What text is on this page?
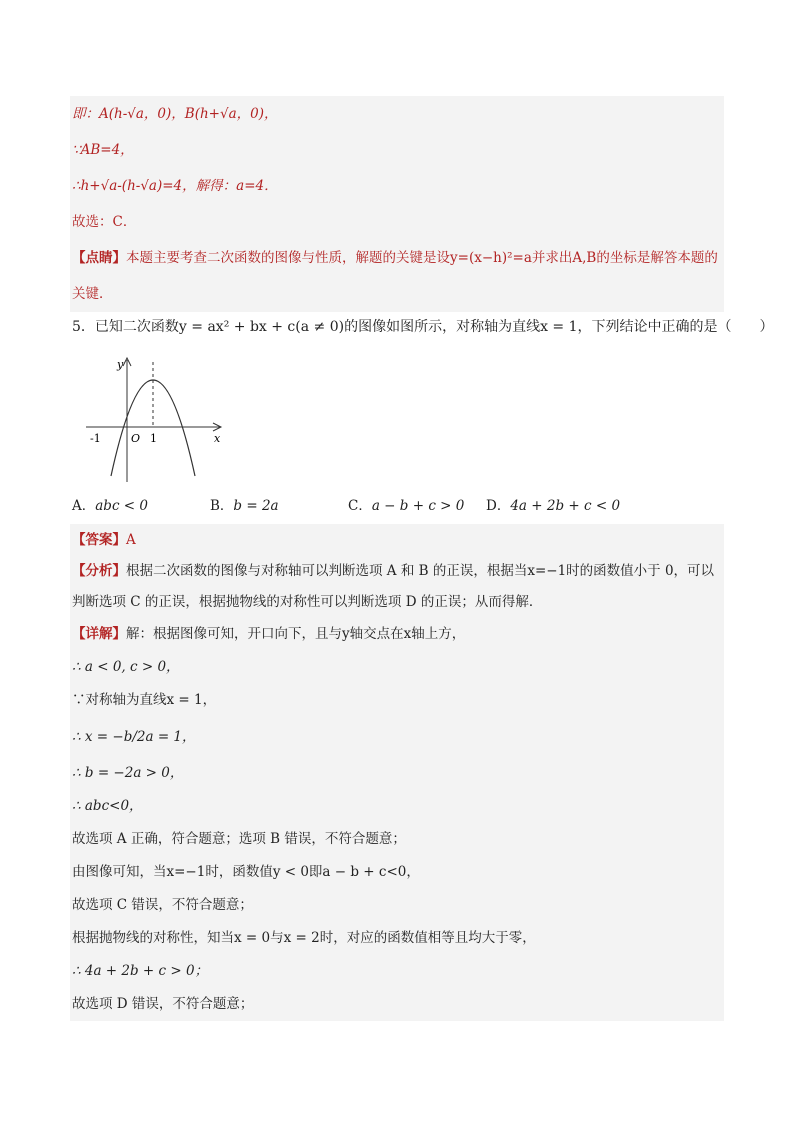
即：A(h-√a，0)，B(h+√a，0)，
∵AB=4，
∴h+√a-(h-√a)=4，解得：a=4．
故选：C．
【点睛】本题主要考查二次函数的图像与性质，解题的关键是设y=(x−h)²=a并求出A,B的坐标是解答本题的关键．
5．已知二次函数y = ax² + bx + c(a ≠ 0)的图像如图所示，对称轴为直线x = 1，下列结论中正确的是（　　）
y
x
O
-1	1
A．abc < 0	B．b = 2a	C．a − b + c > 0	D．4a + 2b + c < 0
【答案】A
【分析】根据二次函数的图像与对称轴可以判断选项 A 和 B 的正误，根据当x=−1时的函数值小于 0，可以判断选项 C 的正误，根据抛物线的对称性可以判断选项 D 的正误；从而得解．
【详解】解：根据图像可知，开口向下，且与y轴交点在x轴上方，
∴ a < 0, c > 0，
∵对称轴为直线x = 1，
∴ x = −b/2a = 1，
∴ b = −2a > 0，
∴ abc<0，
故选项 A 正确，符合题意；选项 B 错误，不符合题意；
由图像可知，当x=−1时，函数值y < 0即a − b + c<0，
故选项 C 错误，不符合题意；
根据抛物线的对称性，知当x = 0与x = 2时，对应的函数值相等且均大于零，
∴ 4a + 2b + c > 0；
故选项 D 错误，不符合题意；
